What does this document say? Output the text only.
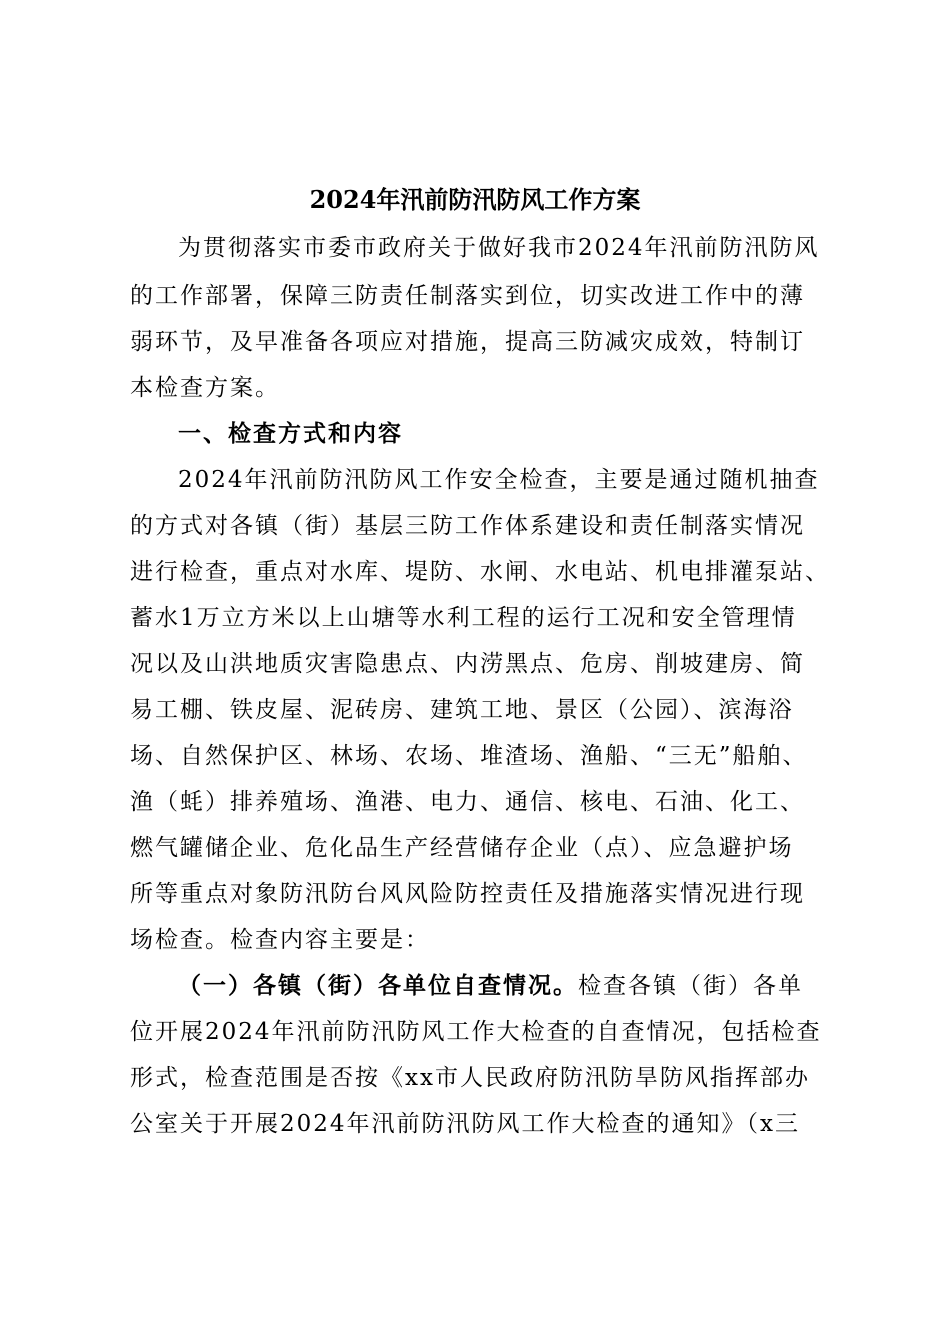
2024年汛前防汛防风工作方案
为贯彻落实市委市政府关于做好我市2024年汛前防汛防风
的工作部署，保障三防责任制落实到位，切实改进工作中的薄
弱环节，及早准备各项应对措施，提高三防减灾成效，特制订
本检查方案。
一、检查方式和内容
2024年汛前防汛防风工作安全检查，主要是通过随机抽查
的方式对各镇（街）基层三防工作体系建设和责任制落实情况
进行检查，重点对水库、堤防、水闸、水电站、机电排灌泵站、
蓄水1万立方米以上山塘等水利工程的运行工况和安全管理情
况以及山洪地质灾害隐患点、内涝黑点、危房、削坡建房、简
易工棚、铁皮屋、泥砖房、建筑工地、景区（公园）、滨海浴
场、自然保护区、林场、农场、堆渣场、渔船、“三无”船舶、
渔（蚝）排养殖场、渔港、电力、通信、核电、石油、化工、
燃气罐储企业、危化品生产经营储存企业（点）、应急避护场
所等重点对象防汛防台风风险防控责任及措施落实情况进行现
场检查。检查内容主要是：
（一）各镇（街）各单位自查情况。检查各镇（街）各单
位开展2024年汛前防汛防风工作大检查的自查情况，包括检查
形式，检查范围是否按《xx市人民政府防汛防旱防风指挥部办
公室关于开展2024年汛前防汛防风工作大检查的通知》（x三
